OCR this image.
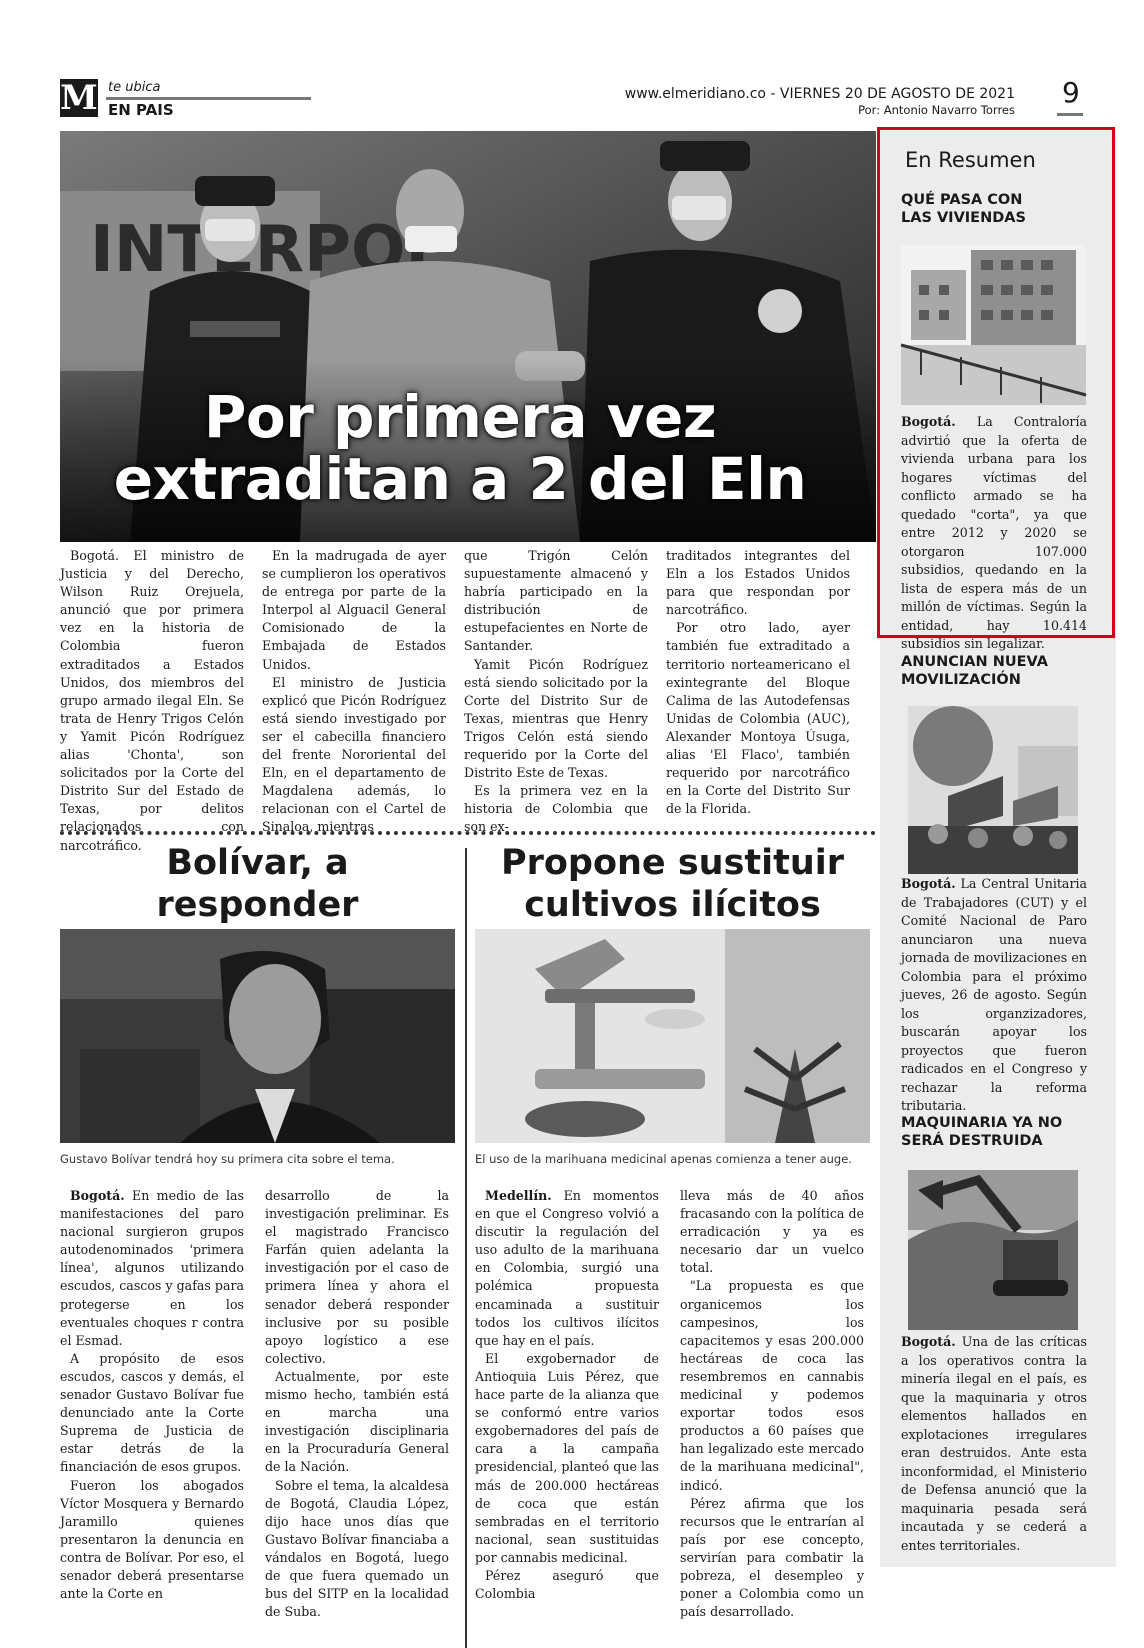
M te ubica
EN PAIS
www.elmeridiano.co - VIERNES 20 DE AGOSTO DE 2021
Por: Antonio Navarro Torres
9
Por primera vez
extraditan a 2 del Eln

Bogotá. El ministro de Justicia y del Derecho, Wilson Ruiz Orejuela, anunció que por primera vez en la historia de Colombia fueron extraditados a Estados Unidos, dos miembros del grupo armado ilegal Eln. Se trata de Henry Trigos Celón y Yamit Picón Rodríguez alias 'Chonta', son solicitados por la Corte del Distrito Sur del Estado de Texas, por delitos relacionados con narcotráfico.

En la madrugada de ayer se cumplieron los operativos de entrega por parte de la Interpol al Alguacil General Comisionado de la Embajada de Estados Unidos.

El ministro de Justicia explicó que Picón Rodríguez está siendo investigado por ser el cabecilla financiero del frente Nororiental del Eln, en el departamento de Magdalena además, lo relacionan con el Cartel de Sinaloa, mientras

que Trigón Celón supuestamente almacenó y habría participado en la distribución de estupefacientes en Norte de Santander.

Yamit Picón Rodríguez está siendo solicitado por la Corte del Distrito Sur de Texas, mientras que Henry Trigos Celón está siendo requerido por la Corte del Distrito Este de Texas.

Es la primera vez en la historia de Colombia que son ex-

traditados integrantes del Eln a los Estados Unidos para que respondan por narcotráfico.

Por otro lado, ayer también fue extraditado a territorio norteamericano el exintegrante del Bloque Calima de las Autodefensas Unidas de Colombia (AUC), Alexander Montoya Úsuga, alias 'El Flaco', también requerido por narcotráfico en la Corte del Distrito Sur de la Florida.

Bolívar, a responder
Gustavo Bolívar tendrá hoy su primera cita sobre el tema.

Bogotá. En medio de las manifestaciones del paro nacional surgieron grupos autodenominados 'primera línea', algunos utilizando escudos, cascos y gafas para protegerse en los eventuales choques r contra el Esmad.

A propósito de esos escudos, cascos y demás, el senador Gustavo Bolívar fue denunciado ante la Corte Suprema de Justicia de estar detrás de la financiación de esos grupos.

Fueron los abogados Víctor Mosquera y Bernardo Jaramillo quienes presentaron la denuncia en contra de Bolívar. Por eso, el senador deberá presentarse ante la Corte en

desarrollo de la investigación preliminar. Es el magistrado Francisco Farfán quien adelanta la investigación por el caso de primera línea y ahora el senador deberá responder inclusive por su posible apoyo logístico a ese colectivo.

Actualmente, por este mismo hecho, también está en marcha una investigación disciplinaria en la Procuraduría General de la Nación.

Sobre el tema, la alcaldesa de Bogotá, Claudia López, dijo hace unos días que Gustavo Bolívar financiaba a vándalos en Bogotá, luego de que fuera quemado un bus del SITP en la localidad de Suba.

Propone sustituir
cultivos ilícitos
El uso de la marihuana medicinal apenas comienza a tener auge.

Medellín. En momentos en que el Congreso volvió a discutir la regulación del uso adulto de la marihuana en Colombia, surgió una polémica propuesta encaminada a sustituir todos los cultivos ilícitos que hay en el país.

El exgobernador de Antioquia Luis Pérez, que hace parte de la alianza que se conformó entre varios exgobernadores del país de cara a la campaña presidencial, planteó que las más de 200.000 hectáreas de coca que están sembradas en el territorio nacional, sean sustituidas por cannabis medicinal.

Pérez aseguró que Colombia

lleva más de 40 años fracasando con la política de erradicación y ya es necesario dar un vuelco total.

"La propuesta es que organicemos los campesinos, los capacitemos y esas 200.000 hectáreas de coca las resembremos en cannabis medicinal y podemos exportar todos esos productos a 60 países que han legalizado este mercado de la marihuana medicinal", indicó.

Pérez afirma que los recursos que le entrarían al país por ese concepto, servirían para combatir la pobreza, el desempleo y poner a Colombia como un país desarrollado.

En Resumen
QUÉ PASA CON
LAS VIVIENDAS
Bogotá. La Contraloría advirtió que la oferta de vivienda urbana para los hogares víctimas del conflicto armado se ha quedado "corta", ya que entre 2012 y 2020 se otorgaron 107.000 subsidios, quedando en la lista de espera más de un millón de víctimas. Según la entidad, hay 10.414 subsidios sin legalizar.
ANUNCIAN NUEVA
MOVILIZACIÓN
Bogotá. La Central Unitaria de Trabajadores (CUT) y el Comité Nacional de Paro anunciaron una nueva jornada de movilizaciones en Colombia para el próximo jueves, 26 de agosto. Según los organzizadores, buscarán apoyar los proyectos que fueron radicados en el Congreso y rechazar la reforma tributaria.
MAQUINARIA YA NO
SERÁ DESTRUIDA
Bogotá. Una de las críticas a los operativos contra la minería ilegal en el país, es que la maquinaria y otros elementos hallados en explotaciones irregulares eran destruidos. Ante esta inconformidad, el Ministerio de Defensa anunció que la maquinaria pesada será incautada y se cederá a entes territoriales.
